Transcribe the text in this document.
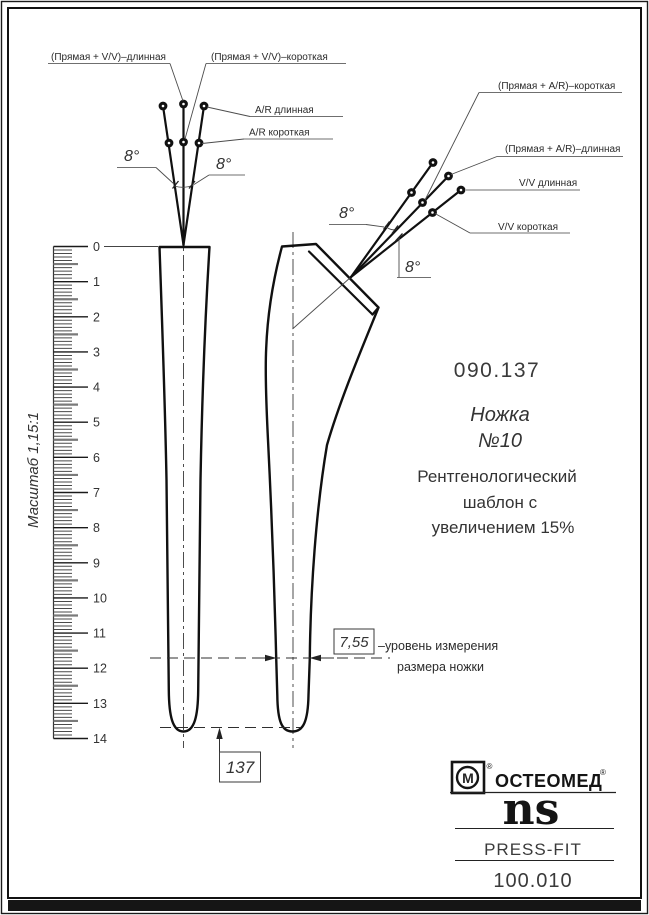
0
1
2
3
4
5
6
7
8
9
10
11
12
13
14
Масштаб 1,15:1
(Прямая + V/V)–длинная	(Прямая + V/V)–короткая
A/R длинная
A/R короткая
8°	8°
(Прямая + A/R)–короткая
(Прямая + A/R)–длинная
V/V длинная
V/V короткая
8°
8°
7,55 –уровень измерения
размера ножки
137
090.137
Ножка
№10
Рентгенологический
шаблон с
увеличением 15%
М
®
ОСТЕОМЕД
®
ns
PRESS-FIT
100.010
